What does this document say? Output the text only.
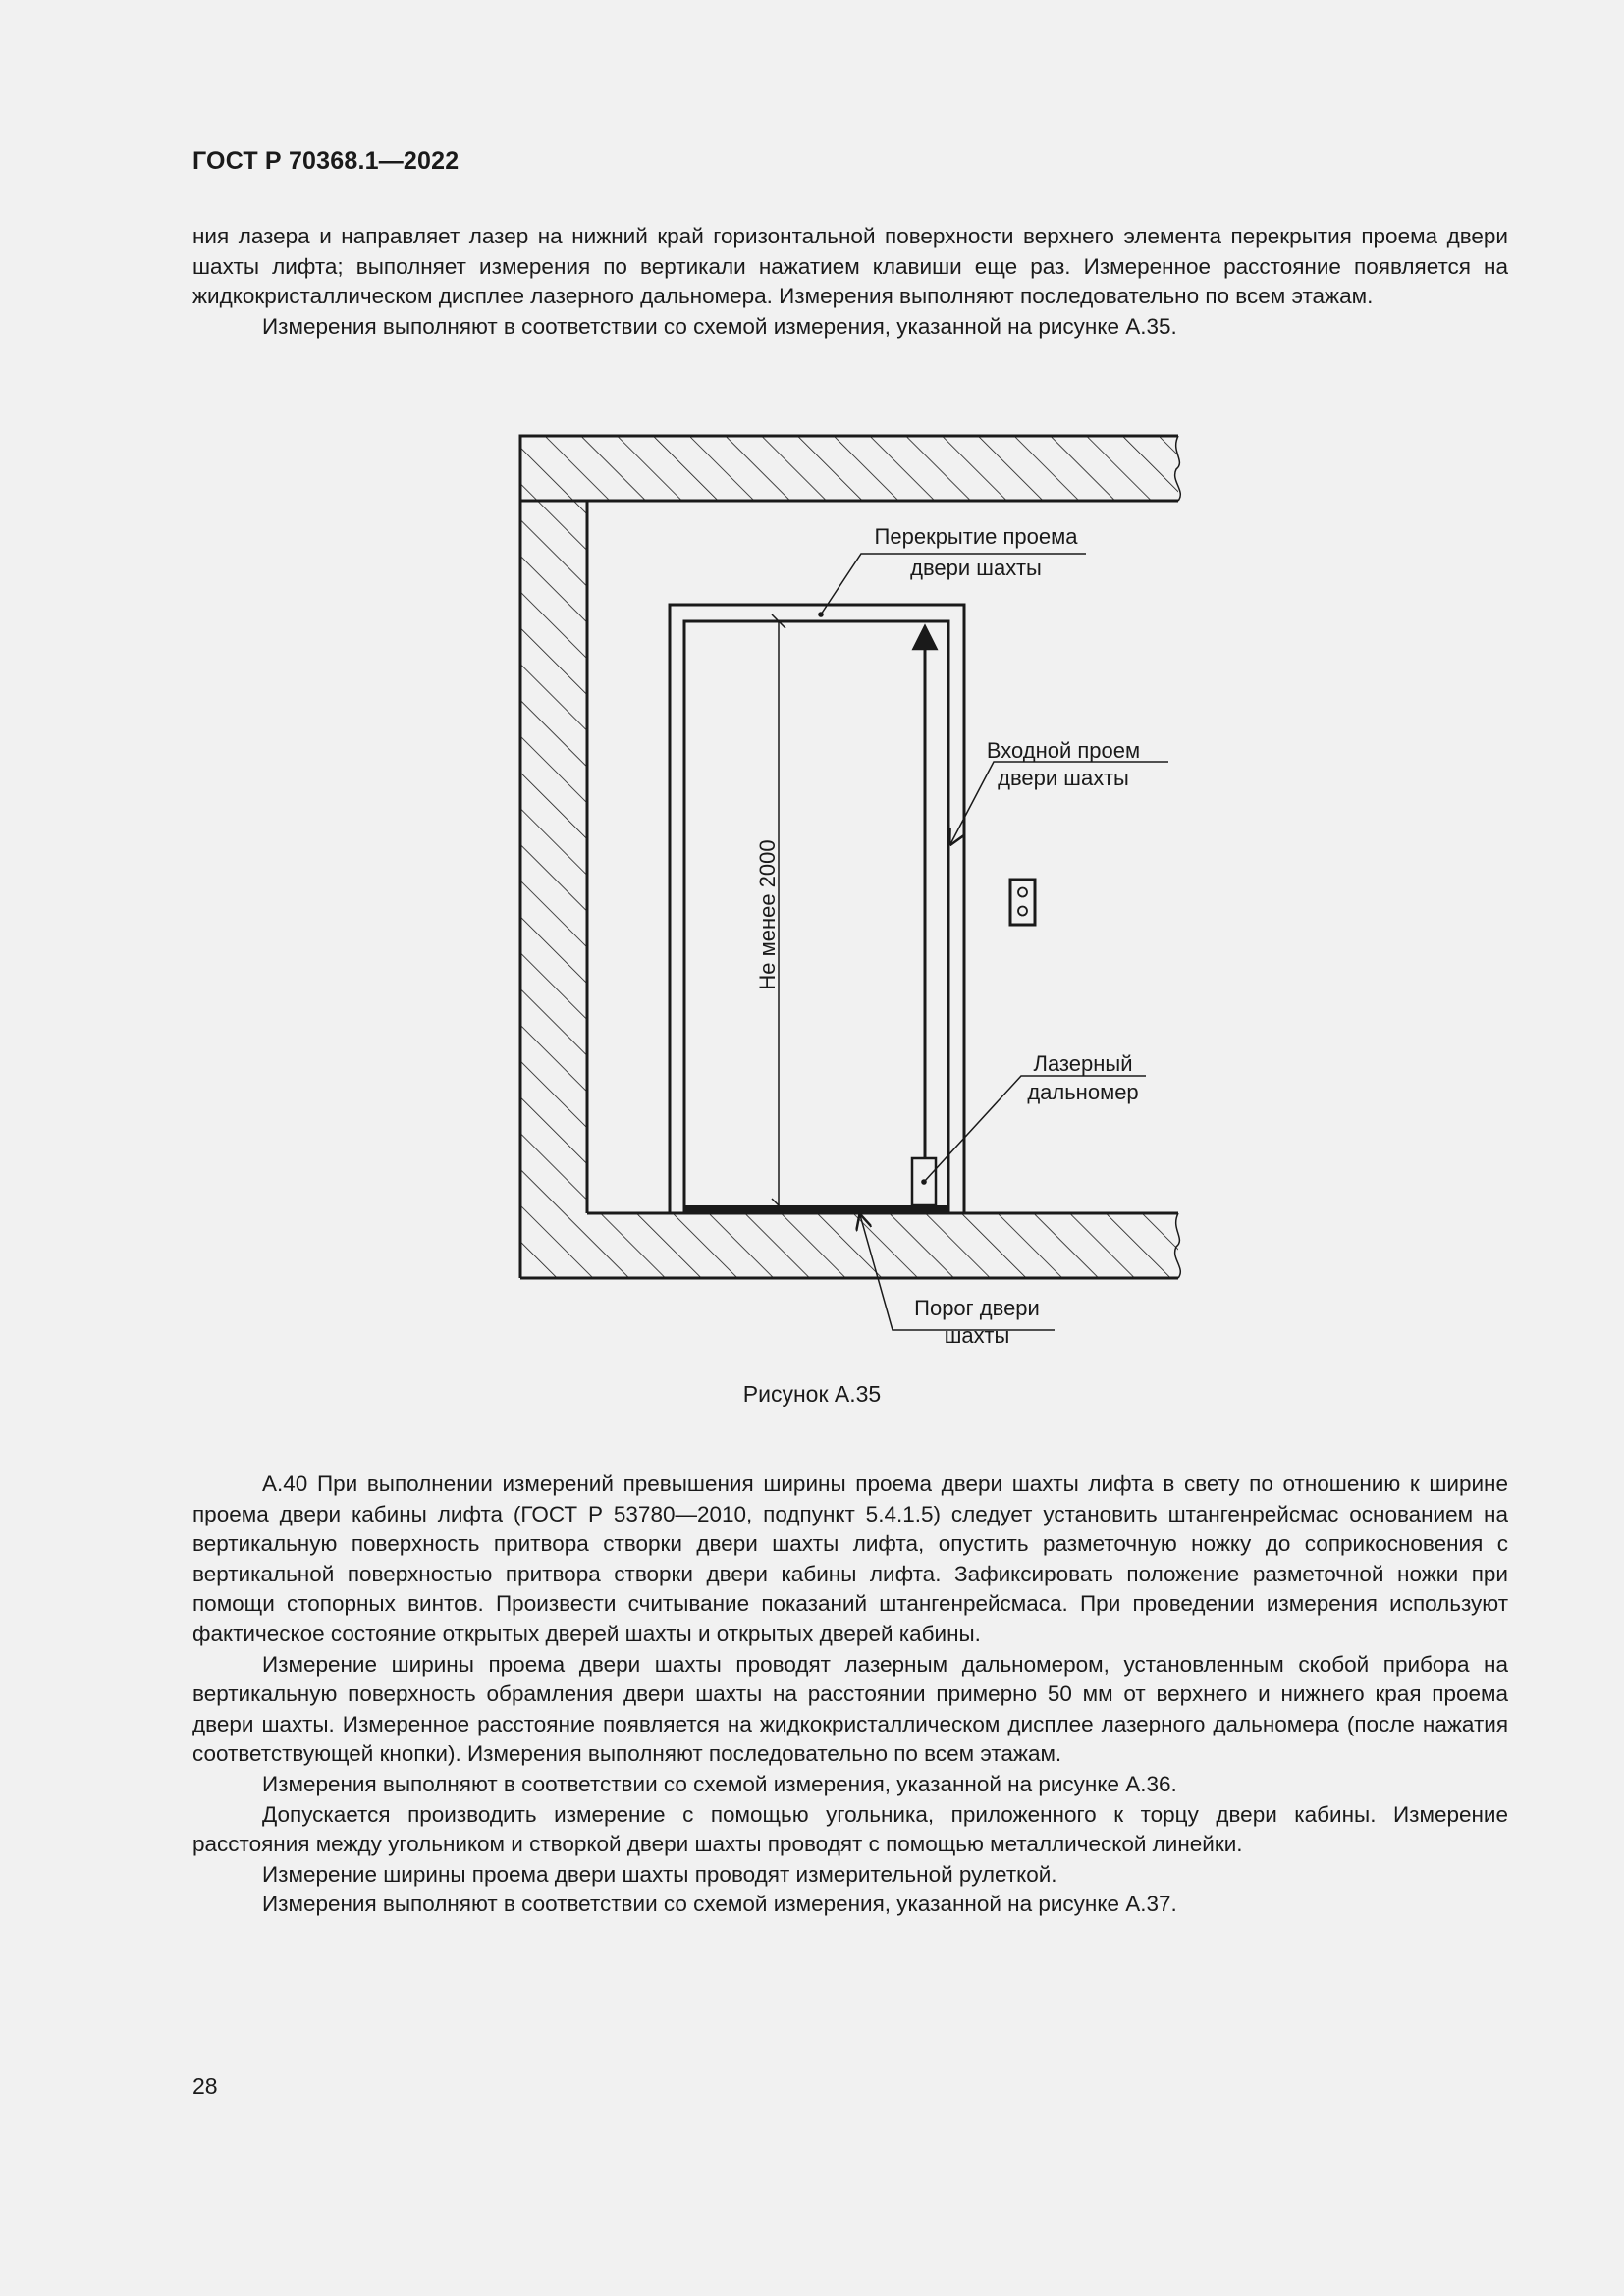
ГОСТ Р 70368.1—2022

ния лазера и направляет лазер на нижний край горизонтальной поверхности верхнего элемента перекрытия проема двери шахты лифта; выполняет измерения по вертикали нажатием клавиши еще раз. Измеренное расстояние появляется на жидкокристаллическом дисплее лазерного дальномера. Измерения выполняют последовательно по всем этажам.

Измерения выполняют в соответствии со схемой измерения, указанной на рисунке А.35.

Не менее 2000
Перекрытие проема
двери шахты
Входной проем
двери шахты
Лазерный
дальномер
Порог двери
шахты
Рисунок А.35

А.40 При выполнении измерений превышения ширины проема двери шахты лифта в свету по отношению к ширине проема двери кабины лифта (ГОСТ Р 53780—2010, подпункт 5.4.1.5) следует установить штангенрейсмас основанием на вертикальную поверхность притвора створки двери шахты лифта, опустить разметочную ножку до соприкосновения с вертикальной поверхностью притвора створки двери кабины лифта. Зафиксировать положение разметочной ножки при помощи стопорных винтов. Произвести считывание показаний штангенрейсмаса. При проведении измерения используют фактическое состояние открытых дверей шахты и открытых дверей кабины.

Измерение ширины проема двери шахты проводят лазерным дальномером, установленным скобой прибора на вертикальную поверхность обрамления двери шахты на расстоянии примерно 50 мм от верхнего и нижнего края проема двери шахты. Измеренное расстояние появляется на жидкокристаллическом дисплее лазерного дальномера (после нажатия соответствующей кнопки). Измерения выполняют последовательно по всем этажам.

Измерения выполняют в соответствии со схемой измерения, указанной на рисунке А.36.

Допускается производить измерение с помощью угольника, приложенного к торцу двери кабины. Измерение расстояния между угольником и створкой двери шахты проводят с помощью металлической линейки.

Измерение ширины проема двери шахты проводят измерительной рулеткой.

Измерения выполняют в соответствии со схемой измерения, указанной на рисунке А.37.

28
